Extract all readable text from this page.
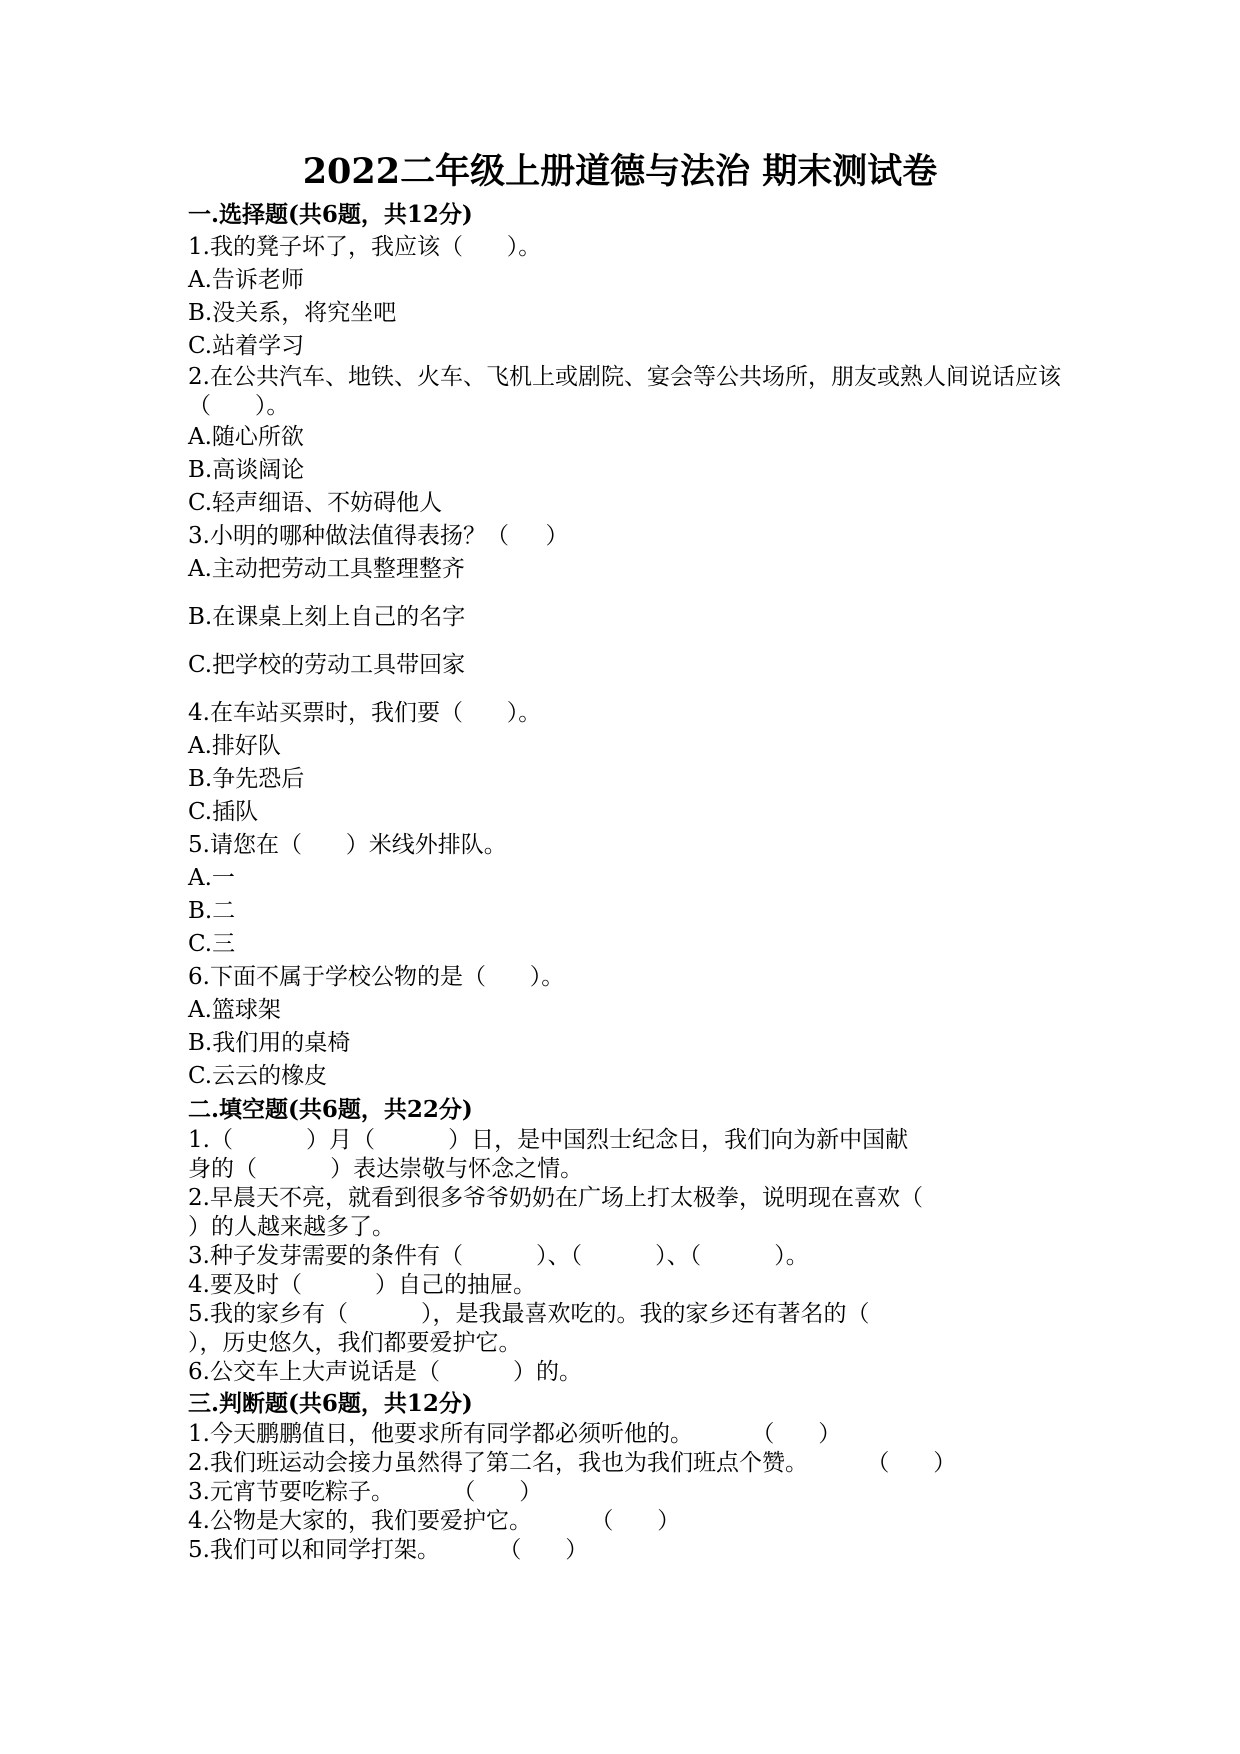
2022二年级上册道德与法治 期末测试卷
一.选择题(共6题，共12分)
1.我的凳子坏了，我应该（      ）。
A.告诉老师
B.没关系，将究坐吧
C.站着学习
2.在公共汽车、地铁、火车、飞机上或剧院、宴会等公共场所，朋友或熟人间说话应该（      ）。
A.随心所欲
B.高谈阔论
C.轻声细语、不妨碍他人
3.小明的哪种做法值得表扬？（     ）
A.主动把劳动工具整理整齐
B.在课桌上刻上自己的名字
C.把学校的劳动工具带回家
4.在车站买票时，我们要（      ）。
A.排好队
B.争先恐后
C.插队
5.请您在（      ）米线外排队。
A.一
B.二
C.三
6.下面不属于学校公物的是（      ）。
A.篮球架
B.我们用的桌椅
C.云云的橡皮
二.填空题(共6题，共22分)
1.（          ）月（          ）日，是中国烈士纪念日，我们向为新中国献
身的（          ）表达崇敬与怀念之情。
2.早晨天不亮，就看到很多爷爷奶奶在广场上打太极拳，说明现在喜欢（
）的人越来越多了。
3.种子发芽需要的条件有（          ）、（          ）、（          ）。
4.要及时（          ）自己的抽屉。
5.我的家乡有（          ），是我最喜欢吃的。我的家乡还有著名的（
），历史悠久，我们都要爱护它。
6.公交车上大声说话是（          ）的。
三.判断题(共6题，共12分)
1.今天鹏鹏值日，他要求所有同学都必须听他的。        （      ）
2.我们班运动会接力虽然得了第二名，我也为我们班点个赞。        （      ）
3.元宵节要吃粽子。        （      ）
4.公物是大家的，我们要爱护它。        （      ）
5.我们可以和同学打架。        （      ）
